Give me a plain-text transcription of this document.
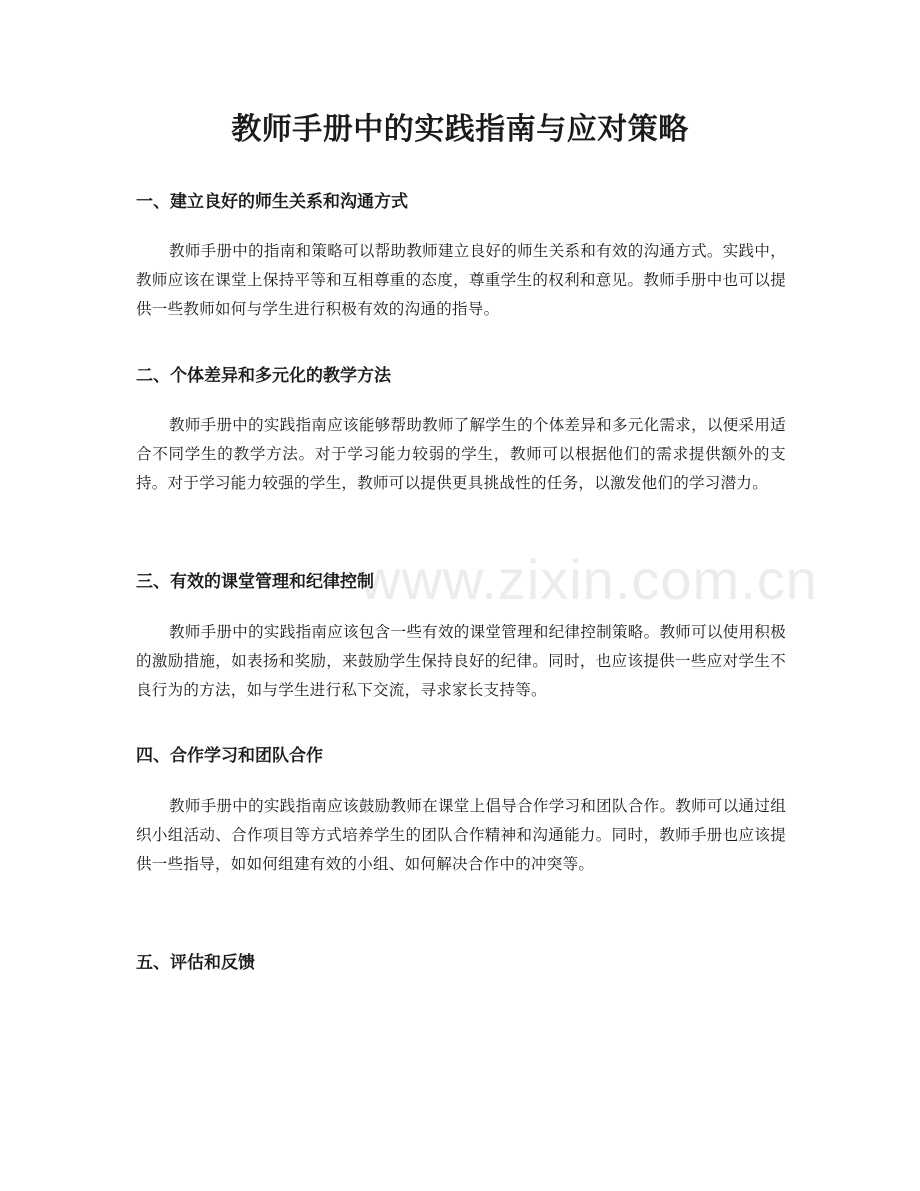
www.zixin.com.cn
教师手册中的实践指南与应对策略
一、建立良好的师生关系和沟通方式

教师手册中的指南和策略可以帮助教师建立良好的师生关系和有效的沟通方式。实践中，教师应该在课堂上保持平等和互相尊重的态度，尊重学生的权利和意见。教师手册中也可以提供一些教师如何与学生进行积极有效的沟通的指导。

二、个体差异和多元化的教学方法

教师手册中的实践指南应该能够帮助教师了解学生的个体差异和多元化需求，以便采用适合不同学生的教学方法。对于学习能力较弱的学生，教师可以根据他们的需求提供额外的支持。对于学习能力较强的学生，教师可以提供更具挑战性的任务，以激发他们的学习潜力。

三、有效的课堂管理和纪律控制

教师手册中的实践指南应该包含一些有效的课堂管理和纪律控制策略。教师可以使用积极的激励措施，如表扬和奖励，来鼓励学生保持良好的纪律。同时，也应该提供一些应对学生不良行为的方法，如与学生进行私下交流，寻求家长支持等。

四、合作学习和团队合作

教师手册中的实践指南应该鼓励教师在课堂上倡导合作学习和团队合作。教师可以通过组织小组活动、合作项目等方式培养学生的团队合作精神和沟通能力。同时，教师手册也应该提供一些指导，如如何组建有效的小组、如何解决合作中的冲突等。

五、评估和反馈
